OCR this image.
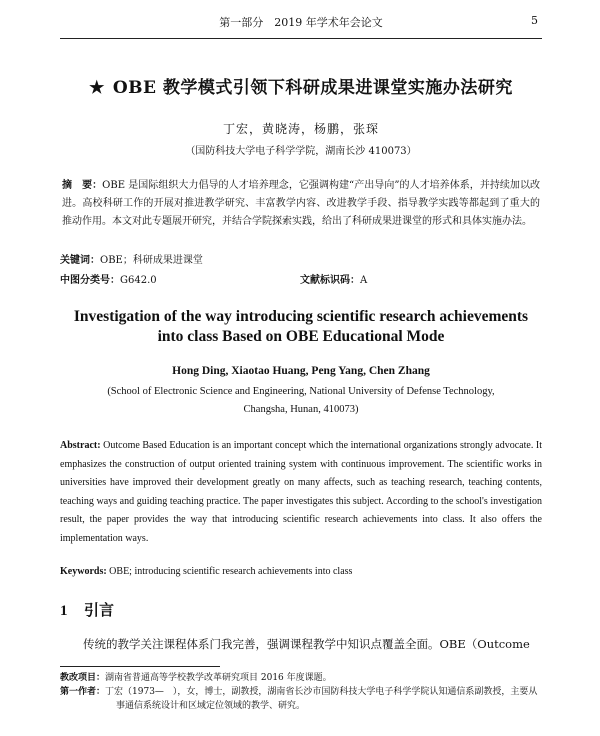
第一部分　2019 年学术年会论文	5
★ OBE 教学模式引领下科研成果进课堂实施办法研究
丁宏，黄晓涛，杨鹏，张琛
（国防科技大学电子科学学院，湖南长沙 410073）
摘　要：OBE 是国际组织大力倡导的人才培养理念，它强调构建“产出导向”的人才培养体系，并持续加以改进。高校科研工作的开展对推进教学研究、丰富教学内容、改进教学手段、指导教学实践等都起到了重大的推动作用。本文对此专题展开研究，并结合学院探索实践，给出了科研成果进课堂的形式和具体实施办法。
关键词：OBE；科研成果进课堂
中图分类号：G642.0	文献标识码：A
Investigation of the way introducing scientific research achievements into class Based on OBE Educational Mode
Hong Ding, Xiaotao Huang, Peng Yang, Chen Zhang
(School of Electronic Science and Engineering, National University of Defense Technology,
Changsha, Hunan, 410073)
Abstract: Outcome Based Education is an important concept which the international organizations strongly advocate. It emphasizes the construction of output oriented training system with continuous improvement. The scientific works in universities have improved their development greatly on many affects, such as teaching research, teaching contents, teaching ways and guiding teaching practice. The paper investigates this subject. According to the school's investigation result, the paper provides the way that introducing scientific research achievements into class. It also offers the implementation ways.
Keywords: OBE; introducing scientific research achievements into class
1 引言
传统的教学关注课程体系门我完善，强调课程教学中知识点覆盖全面。OBE（Outcome
教改项目：湖南省普通高等学校教学改革研究项目 2016 年度课题。
第一作者：丁宏（1973—　），女，博士，副教授，湖南省长沙市国防科技大学电子科学学院认知通信系副教授，主要从事通信系统设计和区域定位领域的教学、研究。
